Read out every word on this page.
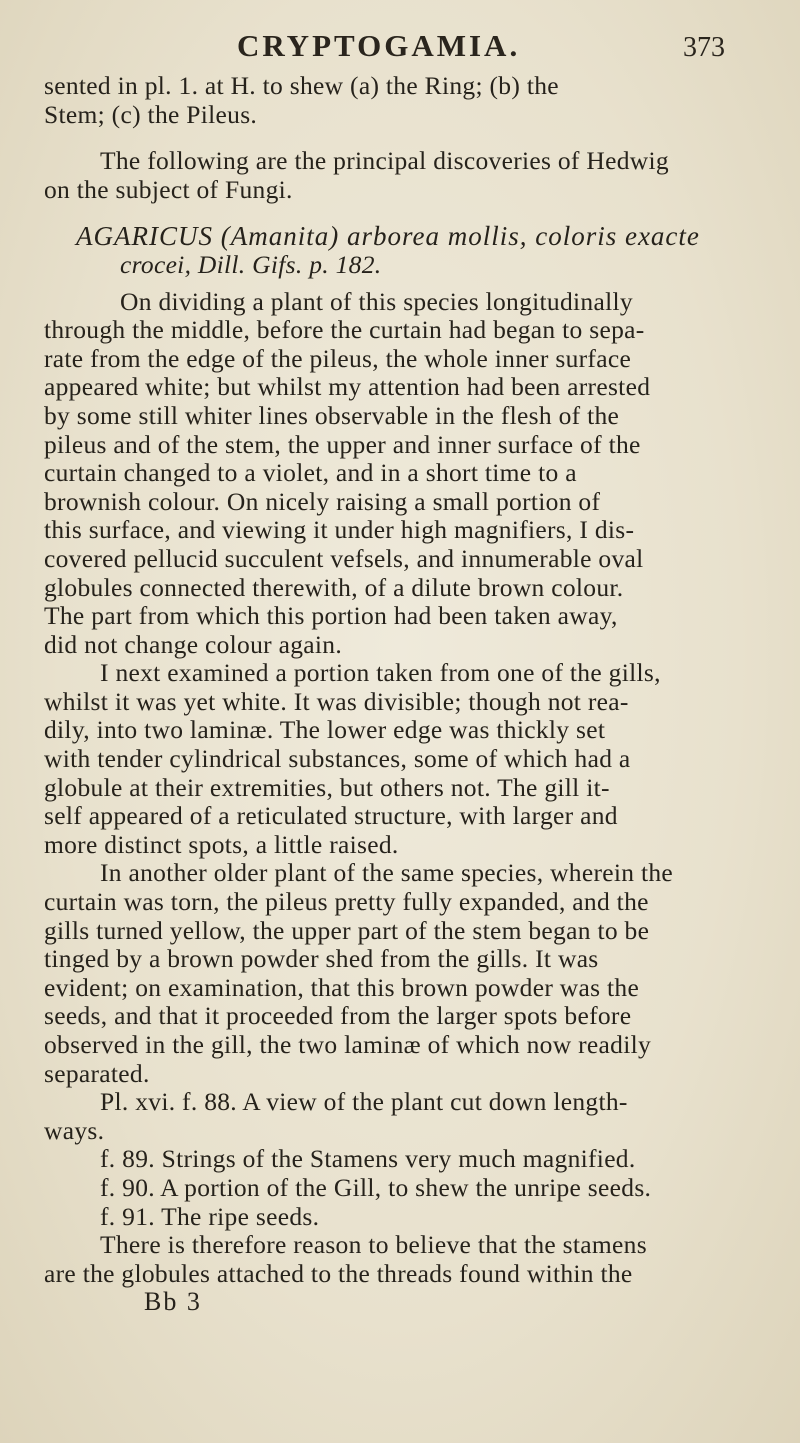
CRYPTOGAMIA.	373
sented in pl. 1. at H. to shew (a) the Ring; (b) the
Stem; (c) the Pileus.
The following are the principal discoveries of Hedwig
on the subject of Fungi.
AGARICUS (Amanita) arborea mollis, coloris exacte
crocei, Dill. Gifs. p. 182.
On dividing a plant of this species longitudinally
through the middle, before the curtain had began to sepa-
rate from the edge of the pileus, the whole inner surface
appeared white; but whilst my attention had been arrested
by some still whiter lines observable in the flesh of the
pileus and of the stem, the upper and inner surface of the
curtain changed to a violet, and in a short time to a
brownish colour. On nicely raising a small portion of
this surface, and viewing it under high magnifiers, I dis-
covered pellucid succulent vefsels, and innumerable oval
globules connected therewith, of a dilute brown colour.
The part from which this portion had been taken away,
did not change colour again.
I next examined a portion taken from one of the gills,
whilst it was yet white. It was divisible; though not rea-
dily, into two laminæ. The lower edge was thickly set
with tender cylindrical substances, some of which had a
globule at their extremities, but others not. The gill it-
self appeared of a reticulated structure, with larger and
more distinct spots, a little raised.
In another older plant of the same species, wherein the
curtain was torn, the pileus pretty fully expanded, and the
gills turned yellow, the upper part of the stem began to be
tinged by a brown powder shed from the gills. It was
evident; on examination, that this brown powder was the
seeds, and that it proceeded from the larger spots before
observed in the gill, the two laminæ of which now readily
separated.
Pl. xvi. f. 88. A view of the plant cut down length-
ways.
f. 89. Strings of the Stamens very much magnified.
f. 90. A portion of the Gill, to shew the unripe seeds.
f. 91. The ripe seeds.
There is therefore reason to believe that the stamens
are the globules attached to the threads found within the
Bb 3
